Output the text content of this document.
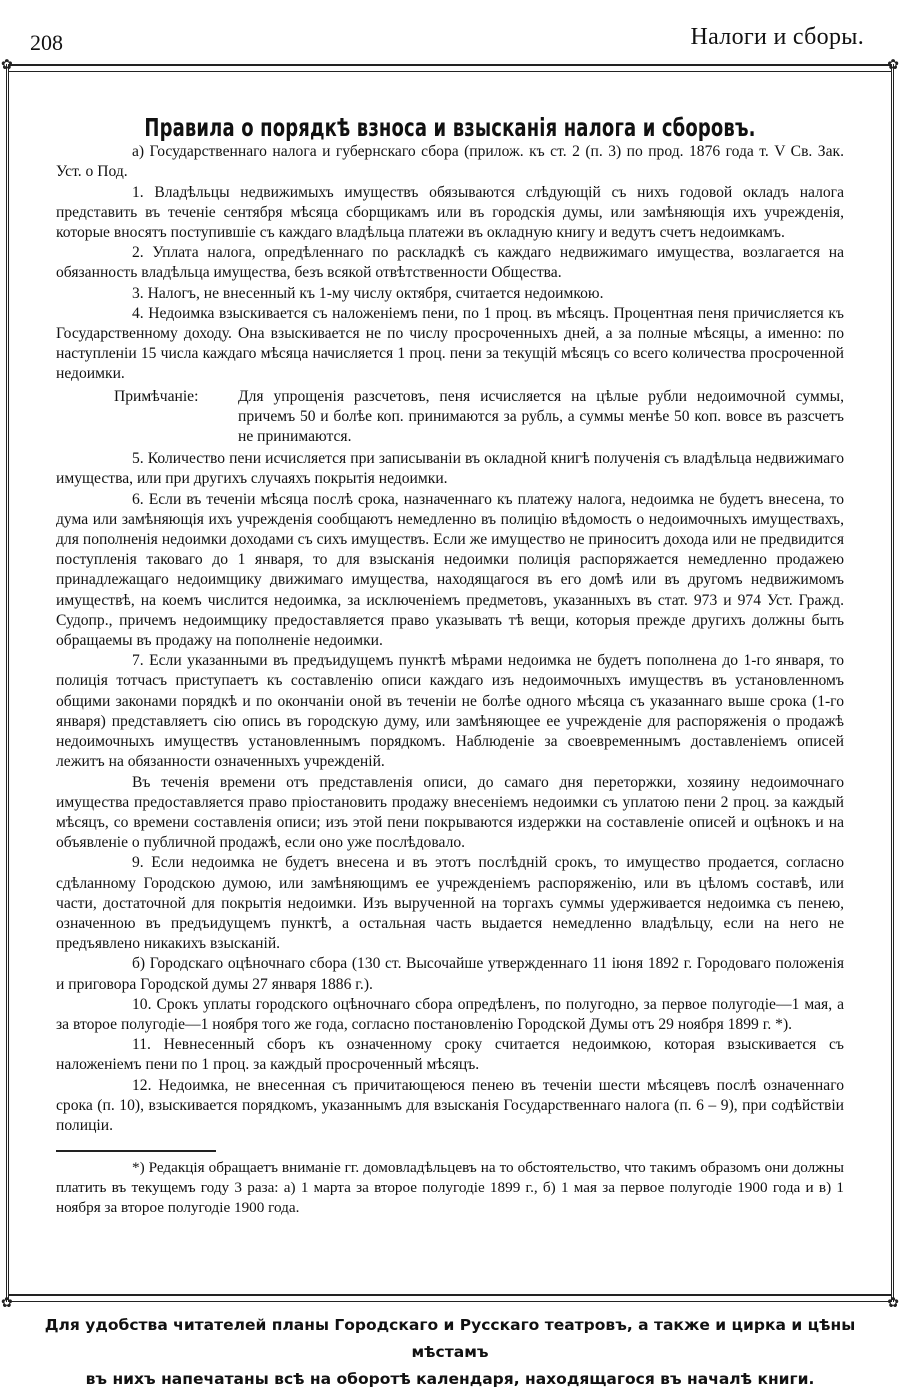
208	Налоги и сборы.
✿	✿
✿	✿
Правила о порядкѣ взноса и взысканія налога и сборовъ.

а) Государственнаго налога и губернскаго сбора (прилож. къ ст. 2 (п. 3) по прод. 1876 года т. V Св. Зак. Уст. о Под.

1. Владѣльцы недвижимыхъ имуществъ обязываются слѣдующій съ нихъ годовой окладъ налога представить въ теченіе сентября мѣсяца сборщикамъ или въ городскія думы, или замѣняющія ихъ учрежденія, которые вносятъ поступившіе съ каждаго владѣльца платежи въ окладную книгу и ведутъ счетъ недоимкамъ.

2. Уплата налога, опредѣленнаго по раскладкѣ съ каждаго недвижимаго имущества, возлагается на обязанность владѣльца имущества, безъ всякой отвѣтственности Общества.

3. Налогъ, не внесенный къ 1-му числу октября, считается недоимкою.

4. Недоимка взыскивается съ наложеніемъ пени, по 1 проц. въ мѣсяцъ. Процентная пеня причисляется къ Государственному доходу. Она взыскивается не по числу просроченныхъ дней, а за полные мѣсяцы, а именно: по наступленіи 15 числа каждаго мѣсяца начисляется 1 проц. пени за текущій мѣсяцъ со всего количества просроченной недоимки.

Примѣчаніе:	Для упрощенія разсчетовъ, пеня исчисляется на цѣлые рубли недоимочной суммы, причемъ 50 и болѣе коп. принимаются за рубль, а суммы менѣе 50 коп. вовсе въ разсчетъ не принимаются.

5. Количество пени исчисляется при записываніи въ окладной книгѣ полученія съ владѣльца недвижимаго имущества, или при другихъ случаяхъ покрытія недоимки.

6. Если въ теченіи мѣсяца послѣ срока, назначеннаго къ платежу налога, недоимка не будетъ внесена, то дума или замѣняющія ихъ учрежденія сообщаютъ немедленно въ полицію вѣдомость о недоимочныхъ имуществахъ, для пополненія недоимки доходами съ сихъ имуществъ. Если же имущество не приноситъ дохода или не предвидится поступленія таковаго до 1 января, то для взысканія недоимки полиція распоряжается немедленно продажею принадлежащаго недоимщику движимаго имущества, находящагося въ его домѣ или въ другомъ недвижимомъ имуществѣ, на коемъ числится недоимка, за исключеніемъ предметовъ, указанныхъ въ стат. 973 и 974 Уст. Гражд. Судопр., причемъ недоимщику предоставляется право указывать тѣ вещи, которыя прежде другихъ должны быть обращаемы въ продажу на пополненіе недоимки.

7. Если указанными въ предъидущемъ пунктѣ мѣрами недоимка не будетъ пополнена до 1-го января, то полиція тотчасъ приступаетъ къ составленію описи каждаго изъ недоимочныхъ имуществъ въ установленномъ общими законами порядкѣ и по окончаніи оной въ теченіи не болѣе одного мѣсяца съ указаннаго выше срока (1-го января) представляетъ сію опись въ городскую думу, или замѣняющее ее учрежденіе для распоряженія о продажѣ недоимочныхъ имуществъ установленнымъ порядкомъ. Наблюденіе за своевременнымъ доставленіемъ описей лежитъ на обязанности означенныхъ учрежденій.

Въ теченія времени отъ представленія описи, до самаго дня переторжки, хозяину недоимочнаго имущества предоставляется право пріостановить продажу внесеніемъ недоимки съ уплатою пени 2 проц. за каждый мѣсяцъ, со времени составленія описи; изъ этой пени покрываются издержки на составленіе описей и оцѣнокъ и на объявленіе о публичной продажѣ, если оно уже послѣдовало.

9. Если недоимка не будетъ внесена и въ этотъ послѣдній срокъ, то имущество продается, согласно сдѣланному Городскою думою, или замѣняющимъ ее учрежденіемъ распоряженію, или въ цѣломъ составѣ, или части, достаточной для покрытія недоимки. Изъ вырученной на торгахъ суммы удерживается недоимка съ пенею, означенною въ предъидущемъ пунктѣ, а остальная часть выдается немедленно владѣльцу, если на него не предъявлено никакихъ взысканій.

б) Городскаго оцѣночнаго сбора (130 ст. Высочайше утвержденнаго 11 іюня 1892 г. Городоваго положенія и приговора Городской думы 27 января 1886 г.).

10. Срокъ уплаты городского оцѣночнаго сбора опредѣленъ, по полугодно, за первое полугодіе—1 мая, а за второе полугодіе—1 ноября того же года, согласно постановленію Городской Думы отъ 29 ноября 1899 г. *).

11. Невнесенный сборъ къ означенному сроку считается недоимкою, которая взыскивается съ наложеніемъ пени по 1 проц. за каждый просроченный мѣсяцъ.

12. Недоимка, не внесенная съ причитающеюся пенею въ теченіи шести мѣсяцевъ послѣ означеннаго срока (п. 10), взыскивается порядкомъ, указаннымъ для взысканія Государственнаго налога (п. 6 – 9), при содѣйствіи полиціи.

*) Редакція обращаетъ вниманіе гг. домовладѣльцевъ на то обстоятельство, что такимъ образомъ они должны платить въ текущемъ году 3 раза: а) 1 марта за второе полугодіе 1899 г., б) 1 мая за первое полугодіе 1900 года и в) 1 ноября за второе полугодіе 1900 года.

Для удобства читателей планы Городскаго и Русскаго театровъ, а также и цирка и цѣны мѣстамъ
въ нихъ напечатаны всѣ на оборотѣ календаря, находящагося въ началѣ книги.
